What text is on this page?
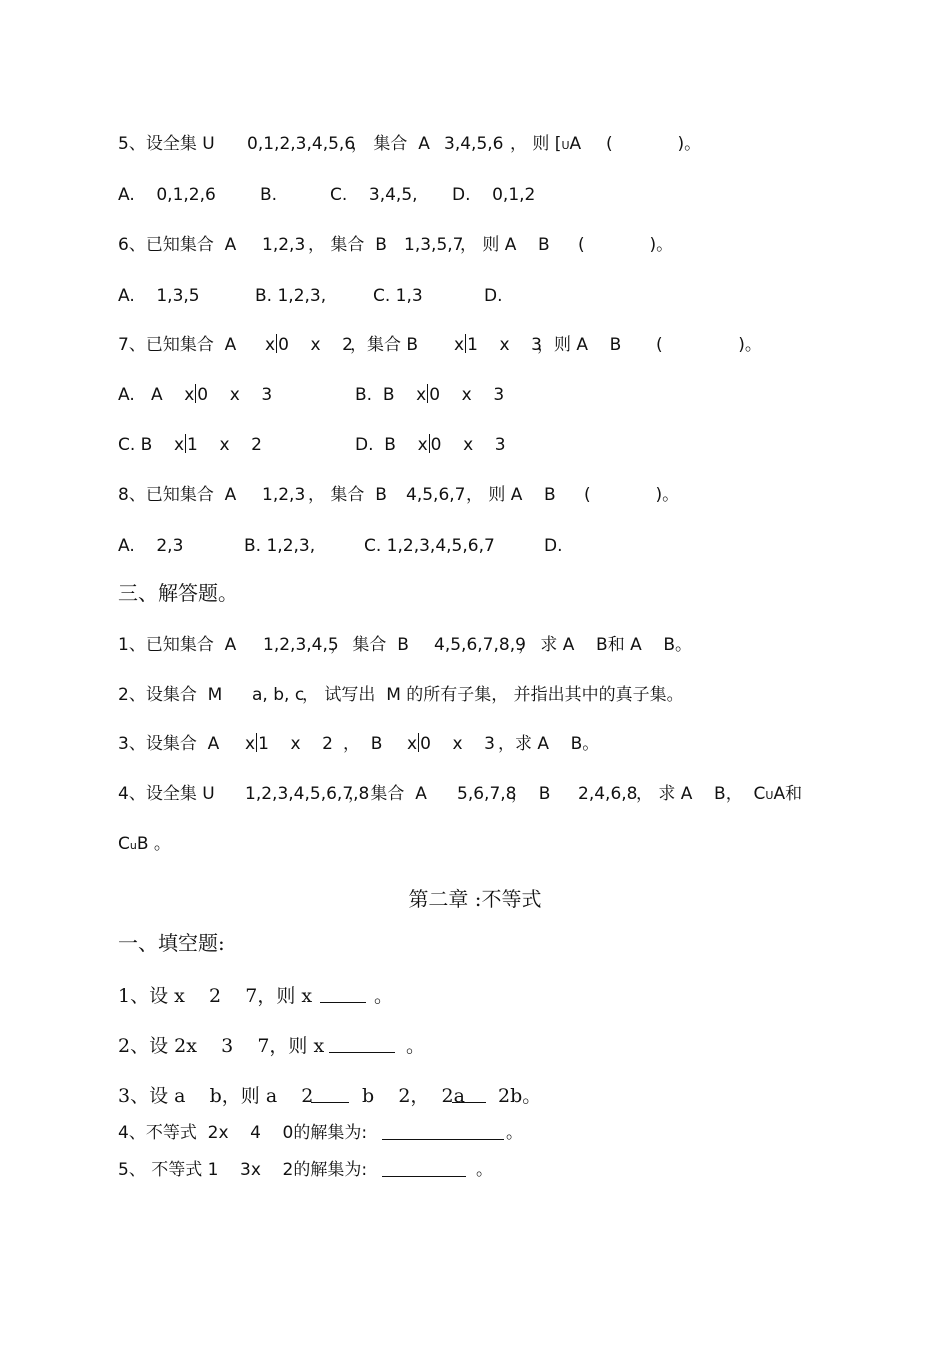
5、设全集 U

0,1,2,3,4,5,6

， 集合  A

3,4,5,6

， 则 [UA

(            )。

A.    0,1,2,6

	B.

	C.    3,4,5,

D.    0,1,2

6、已知集合  A

1,2,3

， 集合  B

1,3,5,7

， 则 A    B

(            )。

A.    1,3,5

	B. 1,2,3,

	C. 1,3

	D.

7、已知集合  A

x 0    x    2

，集合 B

x 1    x    3

，则 A    B

(              )。

A.   A    x 0    x    3

	B.  B    x 0    x    3

C. B    x 1    x    2

	D.  B    x 0    x    3

8、已知集合  A

1,2,3

， 集合  B

4,5,6,7

， 则 A    B

(            )。

A.    2,3

	B. 1,2,3,

	C. 1,2,3,4,5,6,7

	D.

三、解答题。

1、已知集合  A

1,2,3,4,5

， 集合  B

4,5,6,7,8,9

， 求 A    B和 A    B。

2、设集合  M

a, b, c

， 试写出  M 的所有子集， 并指出其中的真子集。

3、设集合  A

x 1    x    2

，  B

x 0    x    3

，求 A    B。

4、设全集 U

1,2,3,4,5,6,7,8

， 集合  A

5,6,7,8

，  B

2,4,6,8

， 求 A    B，  CUA和

CuB 。

第二章 :不等式
一、填空题:

1、设 x    2    7，则 x

	。

2、设 2x    3    7，则 x

	。

3、设 a    b，则 a    2

	b    2，  2a

2b。

4、不等式  2x    4    0的解集为:

	。

5、 不等式 1    3x    2的解集为:

	。
